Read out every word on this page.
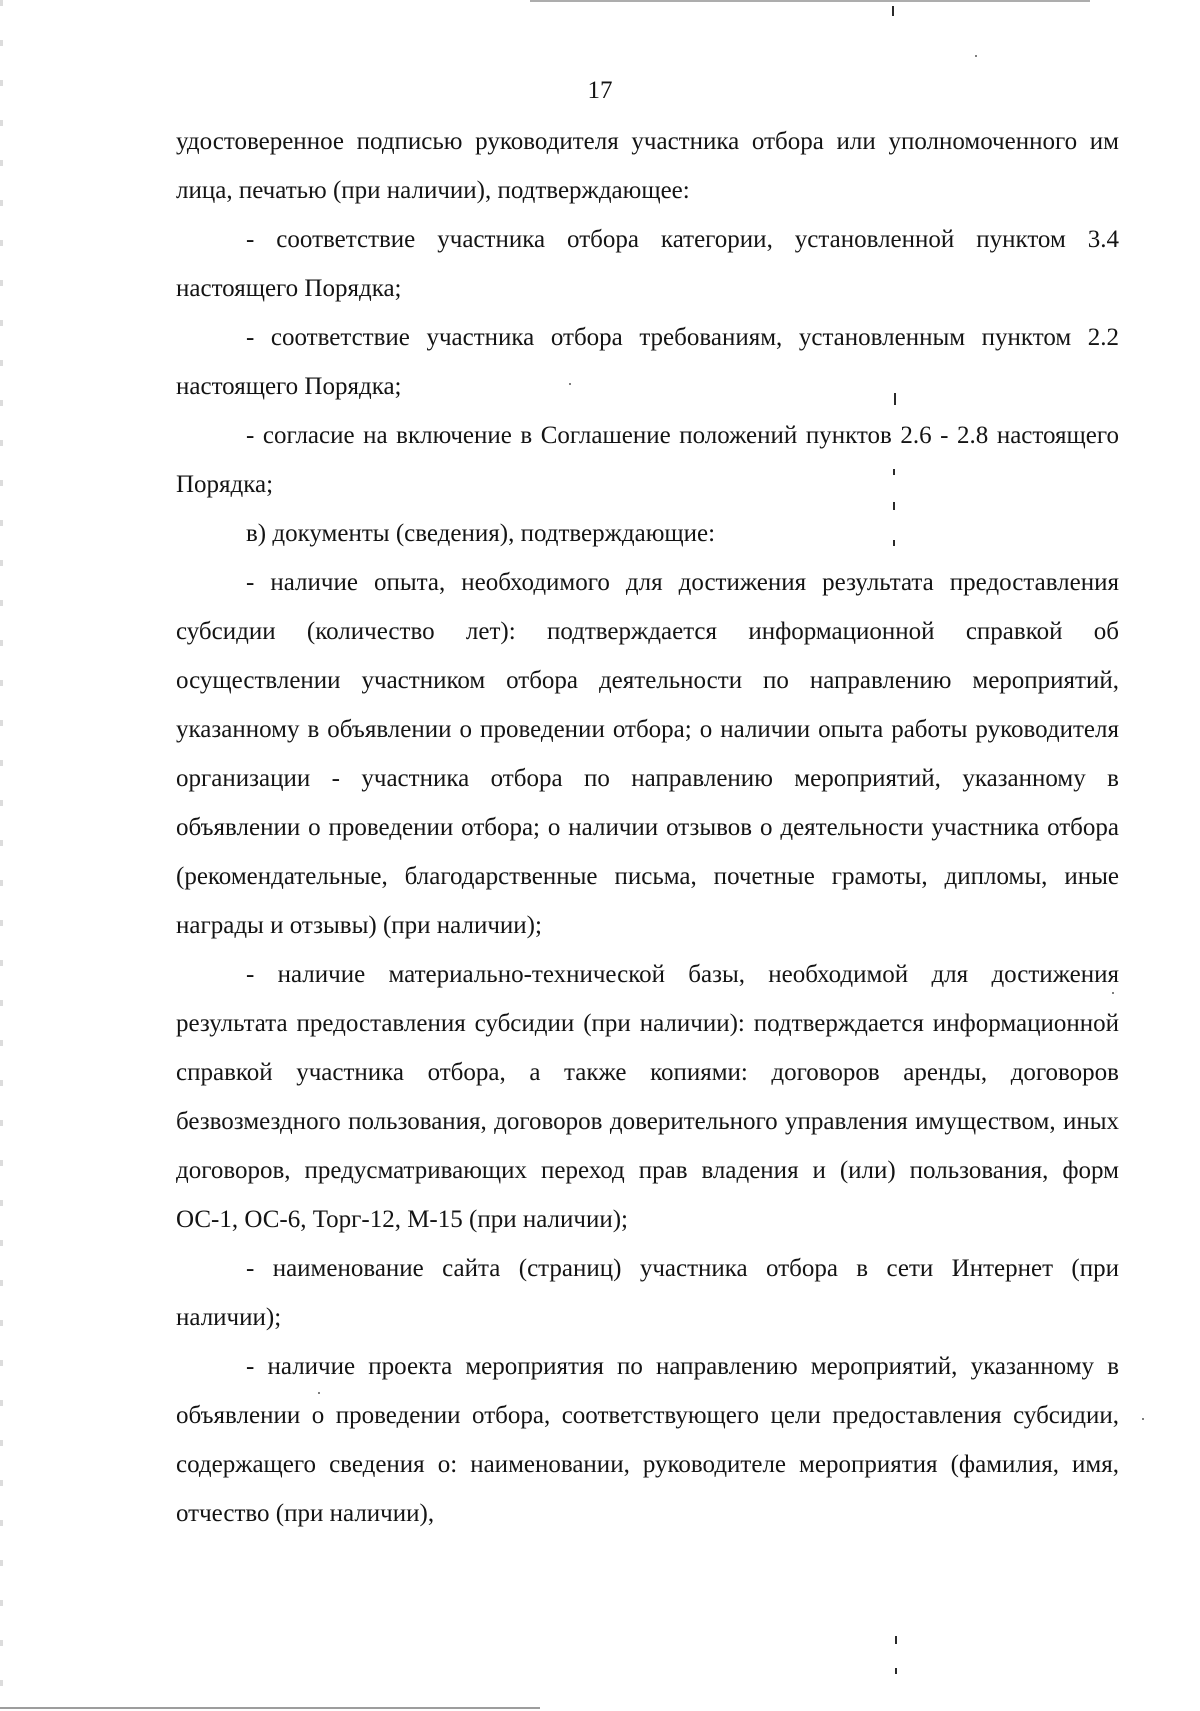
17

удостоверенное подписью руководителя участника отбора или уполномоченного им лица, печатью (при наличии), подтверждающее:

- соответствие участника отбора категории, установленной пунктом 3.4 настоящего Порядка;

- соответствие участника отбора требованиям, установленным пунктом 2.2 настоящего Порядка;

- согласие на включение в Соглашение положений пунктов 2.6 - 2.8 настоящего Порядка;

в) документы (сведения), подтверждающие:

- наличие опыта, необходимого для достижения результата предоставления субсидии (количество лет): подтверждается информационной справкой об осуществлении участником отбора деятельности по направлению мероприятий, указанному в объявлении о проведении отбора; о наличии опыта работы руководителя организации - участника отбора по направлению мероприятий, указанному в объявлении о проведении отбора; о наличии отзывов о деятельности участника отбора (рекомендательные, благодарственные письма, почетные грамоты, дипломы, иные награды и отзывы) (при наличии);

- наличие материально-технической базы, необходимой для достижения результата предоставления субсидии (при наличии): подтверждается информационной справкой участника отбора, а также копиями: договоров аренды, договоров безвозмездного пользования, договоров доверительного управления имуществом, иных договоров, предусматривающих переход прав владения и (или) пользования, форм ОС-1, ОС-6, Торг-12, М-15 (при наличии);

- наименование сайта (страниц) участника отбора в сети Интернет (при наличии);

- наличие проекта мероприятия по направлению мероприятий, указанному в объявлении о проведении отбора, соответствующего цели предоставления субсидии, содержащего сведения о: наименовании, руководителе мероприятия (фамилия, имя, отчество (при наличии),
